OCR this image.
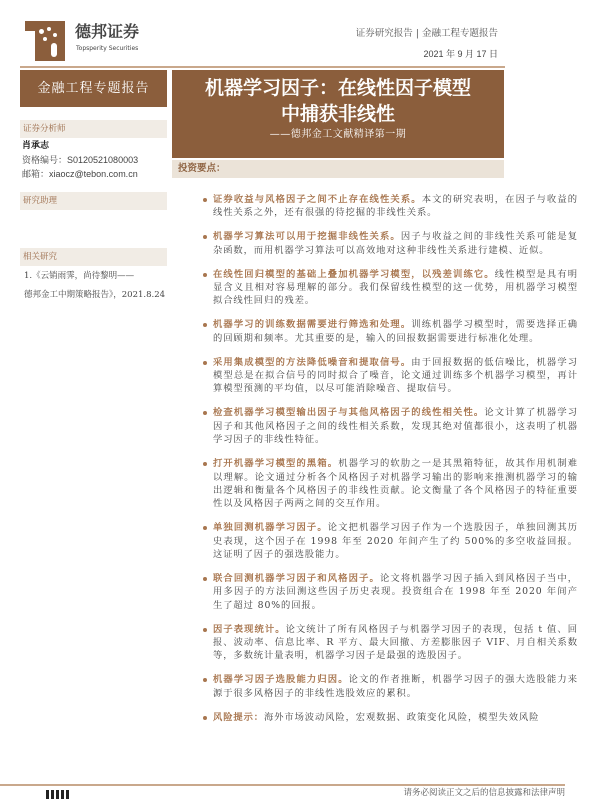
德邦证券
Topsperity Securities
证券研究报告 | 金融工程专题报告
2021 年 9 月 17 日
金融工程专题报告
证券分析师
肖承志
资格编号：S0120521080003
邮箱：xiaocz@tebon.com.cn
研究助理
相关研究
1.《云销雨霁，尚待黎明——
德邦金工中期策略报告》，2021.8.24
机器学习因子：在线性因子模型
中捕获非线性
——德邦金工文献精译第一期
投资要点：
证券收益与风格因子之间不止存在线性关系。本文的研究表明，在因子与收益的线性关系之外，还有很强的待挖掘的非线性关系。
机器学习算法可以用于挖掘非线性关系。因子与收益之间的非线性关系可能是复杂函数，而用机器学习算法可以高效地对这种非线性关系进行建模、近似。
在线性回归模型的基础上叠加机器学习模型，以残差训练它。线性模型是具有明显含义且相对容易理解的部分。我们保留线性模型的这一优势，用机器学习模型拟合线性回归的残差。
机器学习的训练数据需要进行筛选和处理。训练机器学习模型时，需要选择正确的回顾期和频率。尤其重要的是，输入的回报数据需要进行标准化处理。
采用集成模型的方法降低噪音和提取信号。由于回报数据的低信噪比，机器学习模型总是在拟合信号的同时拟合了噪音，论文通过训练多个机器学习模型，再计算模型预测的平均值，以尽可能消除噪音、提取信号。
检查机器学习模型输出因子与其他风格因子的线性相关性。论文计算了机器学习因子和其他风格因子之间的线性相关系数，发现其绝对值都很小，这表明了机器学习因子的非线性特征。
打开机器学习模型的黑箱。机器学习的软肋之一是其黑箱特征，故其作用机制难以理解。论文通过分析各个风格因子对机器学习输出的影响来推测机器学习的输出逻辑和衡量各个风格因子的非线性贡献。论文衡量了各个风格因子的特征重要性以及风格因子两两之间的交互作用。
单独回测机器学习因子。论文把机器学习因子作为一个选股因子，单独回测其历史表现，这个因子在 1998 年至 2020 年间产生了约 500%的多空收益回报。这证明了因子的强选股能力。
联合回测机器学习因子和风格因子。论文将机器学习因子插入到风格因子当中，用多因子的方法回测这些因子历史表现。投资组合在 1998 年至 2020 年间产生了超过 80%的回报。
因子表现统计。论文统计了所有风格因子与机器学习因子的表现，包括 t 值、回报、波动率、信息比率、R 平方、最大回撤、方差膨胀因子 VIF、月自相关系数等，多数统计量表明，机器学习因子是最强的选股因子。
机器学习因子选股能力归因。论文的作者推断，机器学习因子的强大选股能力来源于很多风格因子的非线性选股效应的累积。
风险提示：海外市场波动风险，宏观数据、政策变化风险，模型失效风险
请务必阅读正文之后的信息披露和法律声明
